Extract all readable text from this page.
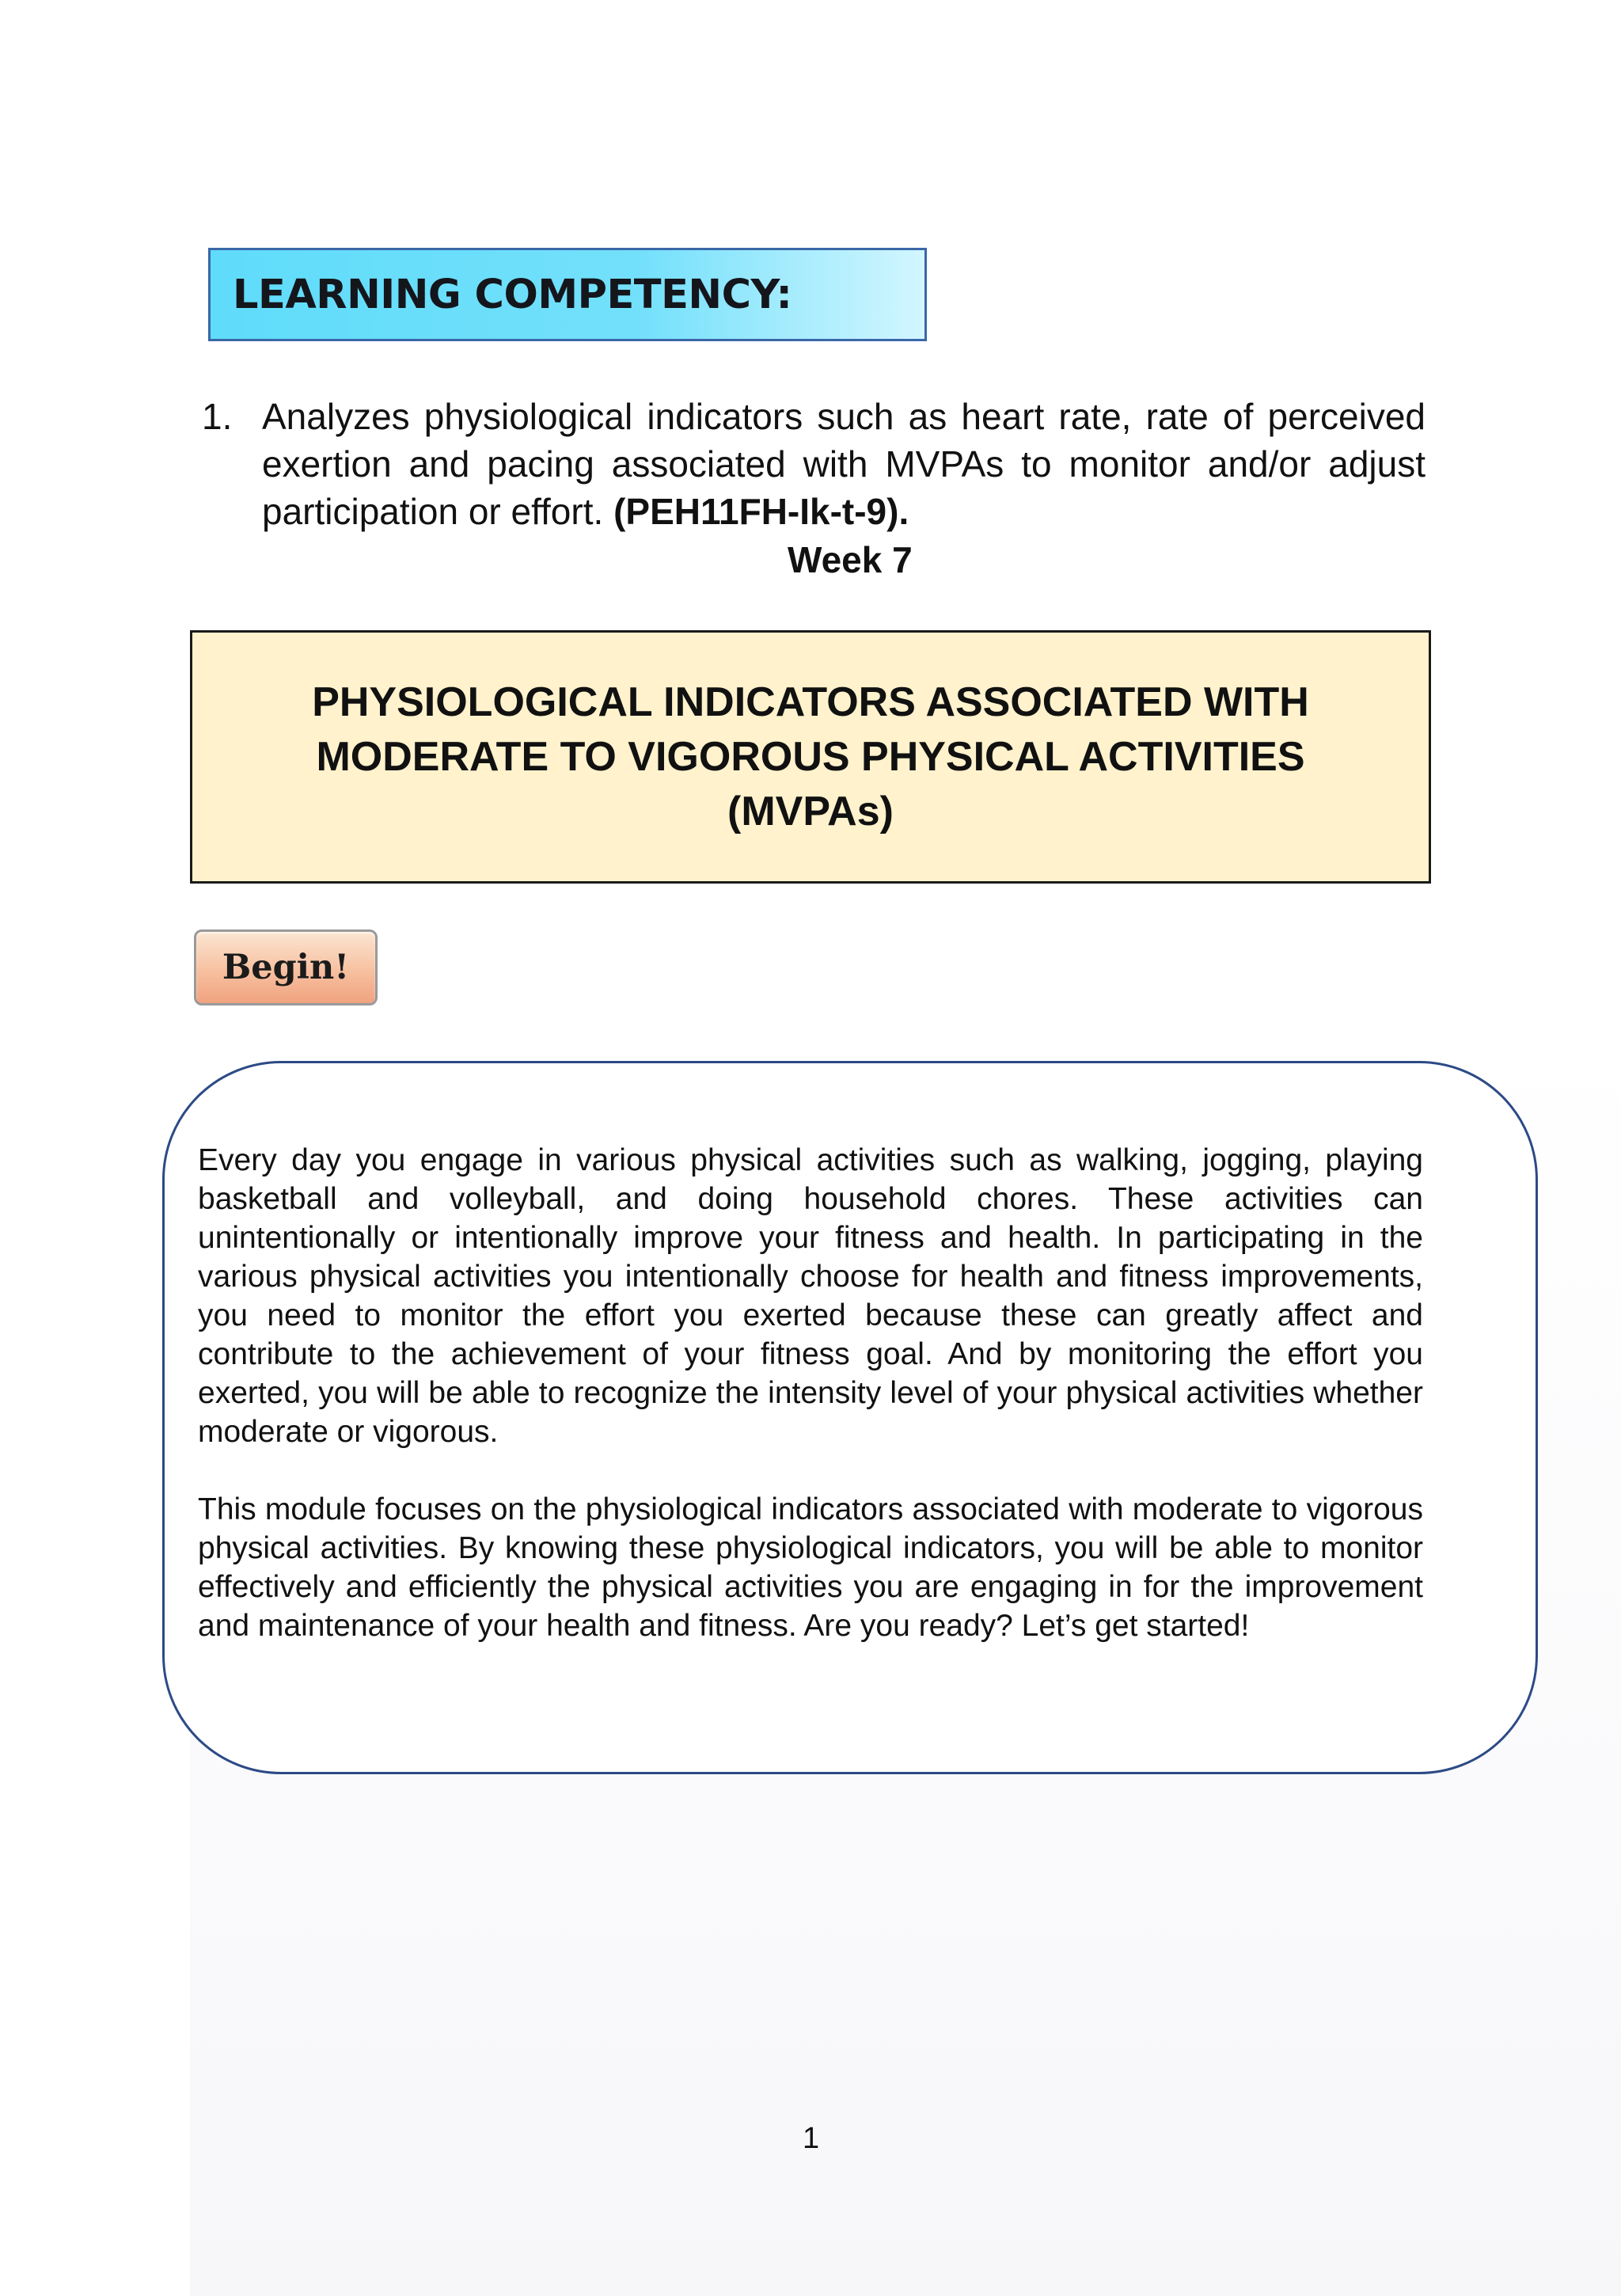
LEARNING COMPETENCY:
1. Analyzes physiological indicators such as heart rate, rate of perceived exertion and pacing associated with MVPAs to monitor and/or adjust participation or effort. (PEH11FH-Ik-t-9).
Week 7
PHYSIOLOGICAL INDICATORS ASSOCIATED WITH
MODERATE TO VIGOROUS PHYSICAL ACTIVITIES
(MVPAs)
Begin!

Every day you engage in various physical activities such as walking, jogging, playing basketball and volleyball, and doing household chores. These activities can unintentionally or intentionally improve your fitness and health. In participating in the various physical activities you intentionally choose for health and fitness improvements, you need to monitor the effort you exerted because these can greatly affect and contribute to the achievement of your fitness goal. And by monitoring the effort you exerted, you will be able to recognize the intensity level of your physical activities whether moderate or vigorous.

This module focuses on the physiological indicators associated with moderate to vigorous physical activities. By knowing these physiological indicators, you will be able to monitor effectively and efficiently the physical activities you are engaging in for the improvement and maintenance of your health and fitness. Are you ready? Let’s get started!

1
